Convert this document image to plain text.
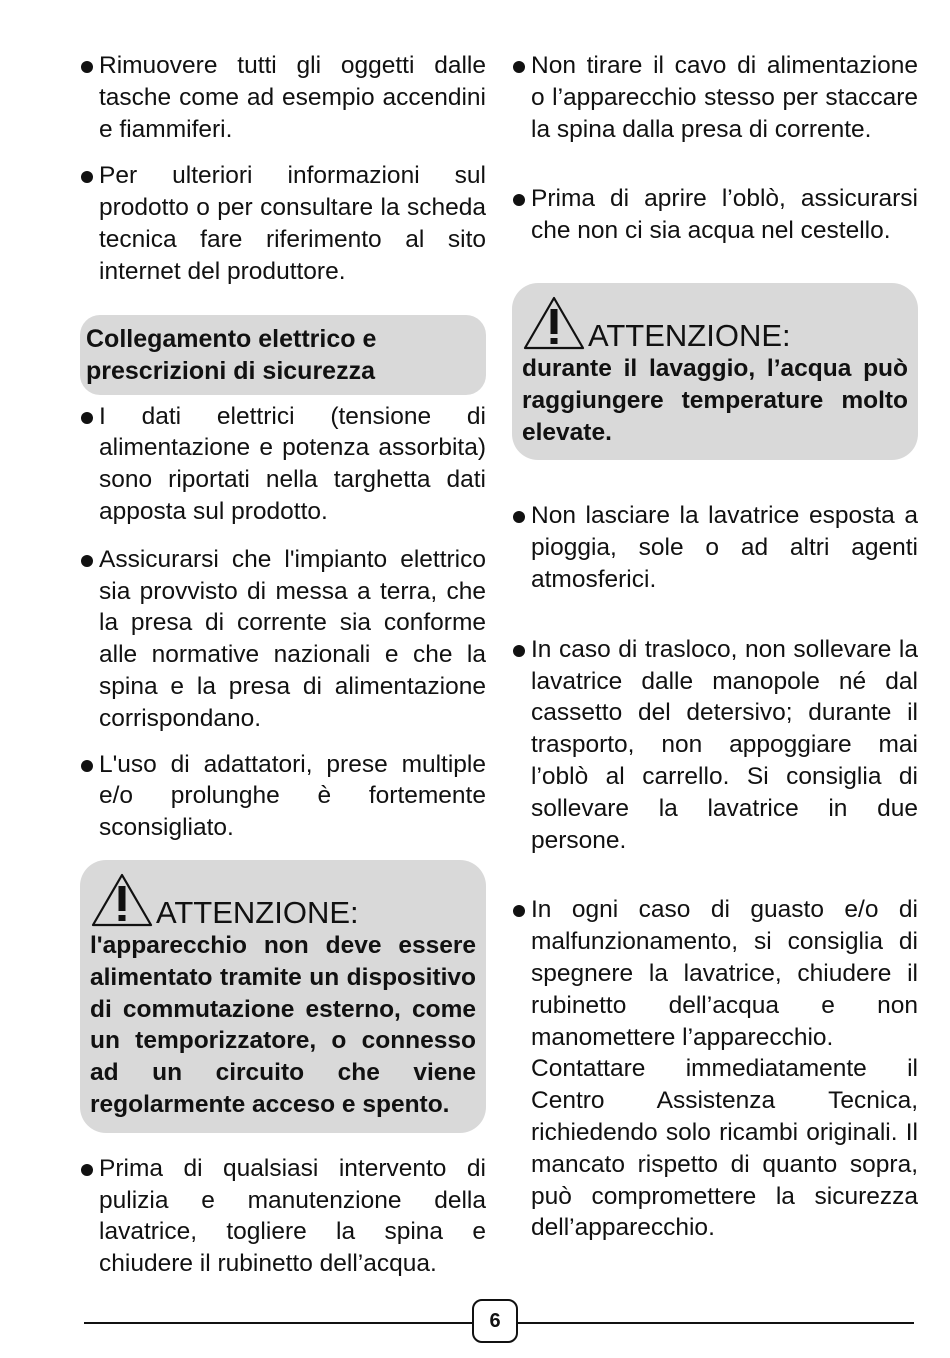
Rimuovere tutti gli oggetti dalle tasche come ad esempio accendini e fiammiferi.

Per ulteriori informazioni sul prodotto o per consultare la scheda tecnica fare riferimento al sito internet del produttore.

Collegamento elettrico e prescrizioni di sicurezza

I dati elettrici (tensione di alimentazione e potenza assorbita) sono riportati nella targhetta dati apposta sul prodotto.

Assicurarsi che l'impianto elettrico sia provvisto di messa a terra, che la presa di corrente sia conforme alle normative nazionali e che la spina e la presa di alimentazione corrispondano.

L'uso di adattatori, prese multiple e/o prolunghe è fortemente sconsigliato.

ATTENZIONE:
l'apparecchio non deve essere alimentato tramite un dispositivo di commutazione esterno, come un temporizzatore, o connesso ad un circuito che viene regolarmente acceso e spento.

Prima di qualsiasi intervento di pulizia e manutenzione della lavatrice, togliere la spina e chiudere il rubinetto dell’acqua.

Non tirare il cavo di alimentazione o l’apparecchio stesso per staccare la spina dalla presa di corrente.

Prima di aprire l’oblò, assicurarsi che non ci sia acqua nel cestello.

ATTENZIONE:
durante il lavaggio, l’acqua può raggiungere temperature molto elevate.

Non lasciare la lavatrice esposta a pioggia, sole o ad altri agenti atmosferici.

In caso di trasloco, non sollevare la lavatrice dalle manopole né dal cassetto del detersivo; durante il trasporto, non appoggiare mai l’oblò al carrello. Si consiglia di sollevare la lavatrice in due persone.

In ogni caso di guasto e/o di malfunzionamento, si consiglia di spegnere la lavatrice, chiudere il rubinetto dell’acqua e non manomettere l’apparecchio.
Contattare immediatamente il Centro Assistenza Tecnica, richiedendo solo ricambi originali. Il mancato rispetto di quanto sopra, può compromettere la sicurezza dell’apparecchio.
6
